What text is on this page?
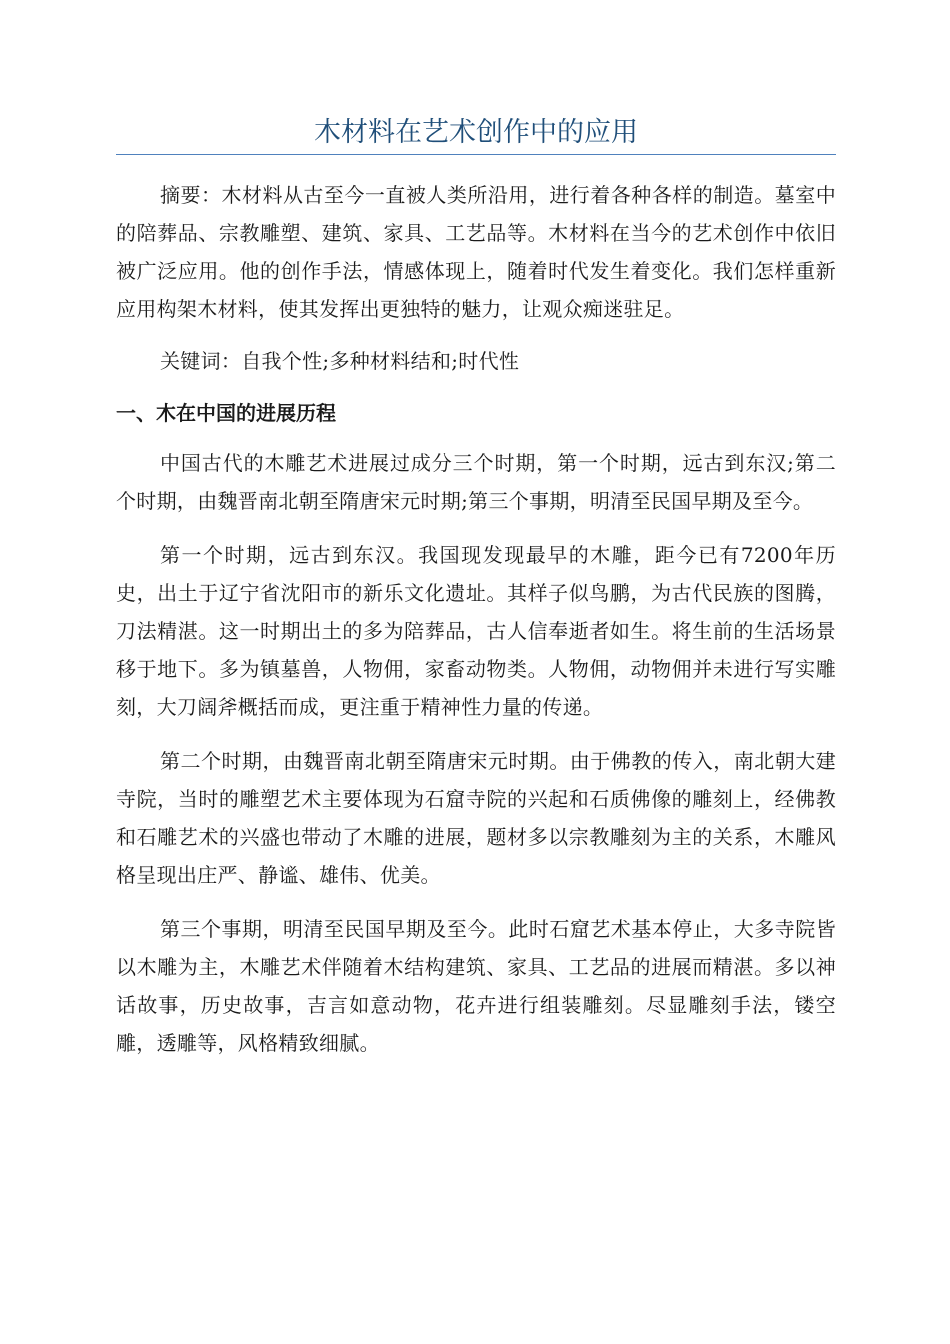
木材料在艺术创作中的应用

摘要：木材料从古至今一直被人类所沿用，进行着各种各样的制造。墓室中的陪葬品、宗教雕塑、建筑、家具、工艺品等。木材料在当今的艺术创作中依旧被广泛应用。他的创作手法，情感体现上，随着时代发生着变化。我们怎样重新应用构架木材料，使其发挥出更独特的魅力，让观众痴迷驻足。

关键词：自我个性;多种材料结和;时代性

一、木在中国的进展历程

中国古代的木雕艺术进展过成分三个时期，第一个时期，远古到东汉;第二个时期，由魏晋南北朝至隋唐宋元时期;第三个事期，明清至民国早期及至今。

第一个时期，远古到东汉。我国现发现最早的木雕，距今已有7200年历史，出土于辽宁省沈阳市的新乐文化遗址。其样子似鸟鹏，为古代民族的图腾，刀法精湛。这一时期出土的多为陪葬品，古人信奉逝者如生。将生前的生活场景移于地下。多为镇墓兽，人物佣，家畜动物类。人物佣，动物佣并未进行写实雕刻，大刀阔斧概括而成，更注重于精神性力量的传递。

第二个时期，由魏晋南北朝至隋唐宋元时期。由于佛教的传入，南北朝大建寺院，当时的雕塑艺术主要体现为石窟寺院的兴起和石质佛像的雕刻上，经佛教和石雕艺术的兴盛也带动了木雕的进展，题材多以宗教雕刻为主的关系，木雕风格呈现出庄严、静谧、雄伟、优美。

第三个事期，明清至民国早期及至今。此时石窟艺术基本停止，大多寺院皆以木雕为主，木雕艺术伴随着木结构建筑、家具、工艺品的进展而精湛。多以神话故事，历史故事，吉言如意动物，花卉进行组装雕刻。尽显雕刻手法，镂空雕，透雕等，风格精致细腻。
